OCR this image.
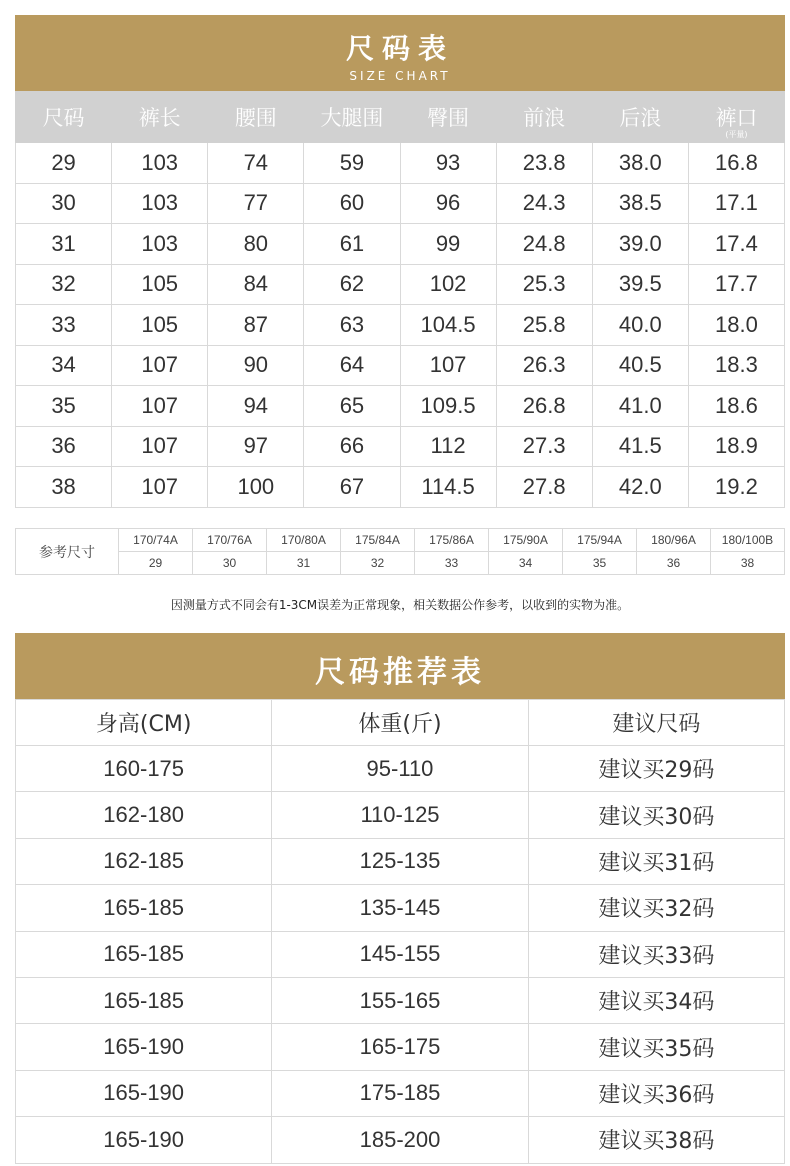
尺码表
SIZE CHART
尺码	裤长	腰围	大腿围	臀围	前浪	后浪	裤口
(平量)

29	103	74	59	93	23.8	38.0	16.8
30	103	77	60	96	24.3	38.5	17.1
31	103	80	61	99	24.8	39.0	17.4
32	105	84	62	102	25.3	39.5	17.7
33	105	87	63	104.5	25.8	40.0	18.0
34	107	90	64	107	26.3	40.5	18.3
35	107	94	65	109.5	26.8	41.0	18.6
36	107	97	66	112	27.3	41.5	18.9
38	107	100	67	114.5	27.8	42.0	19.2
参考尺寸	170/74A	170/76A	170/80A	175/84A	175/86A	175/90A	175/94A	180/96A	180/100B
	29	30	31	32	33	34	35	36	38
因测量方式不同会有1-3CM误差为正常现象，相关数据公作参考，以收到的实物为准。
尺码推荐表
身高(CM)	体重(斤)	建议尺码
160-175	95-110	建议买29码
162-180	110-125	建议买30码
162-185	125-135	建议买31码
165-185	135-145	建议买32码
165-185	145-155	建议买33码
165-185	155-165	建议买34码
165-190	165-175	建议买35码
165-190	175-185	建议买36码
165-190	185-200	建议买38码
